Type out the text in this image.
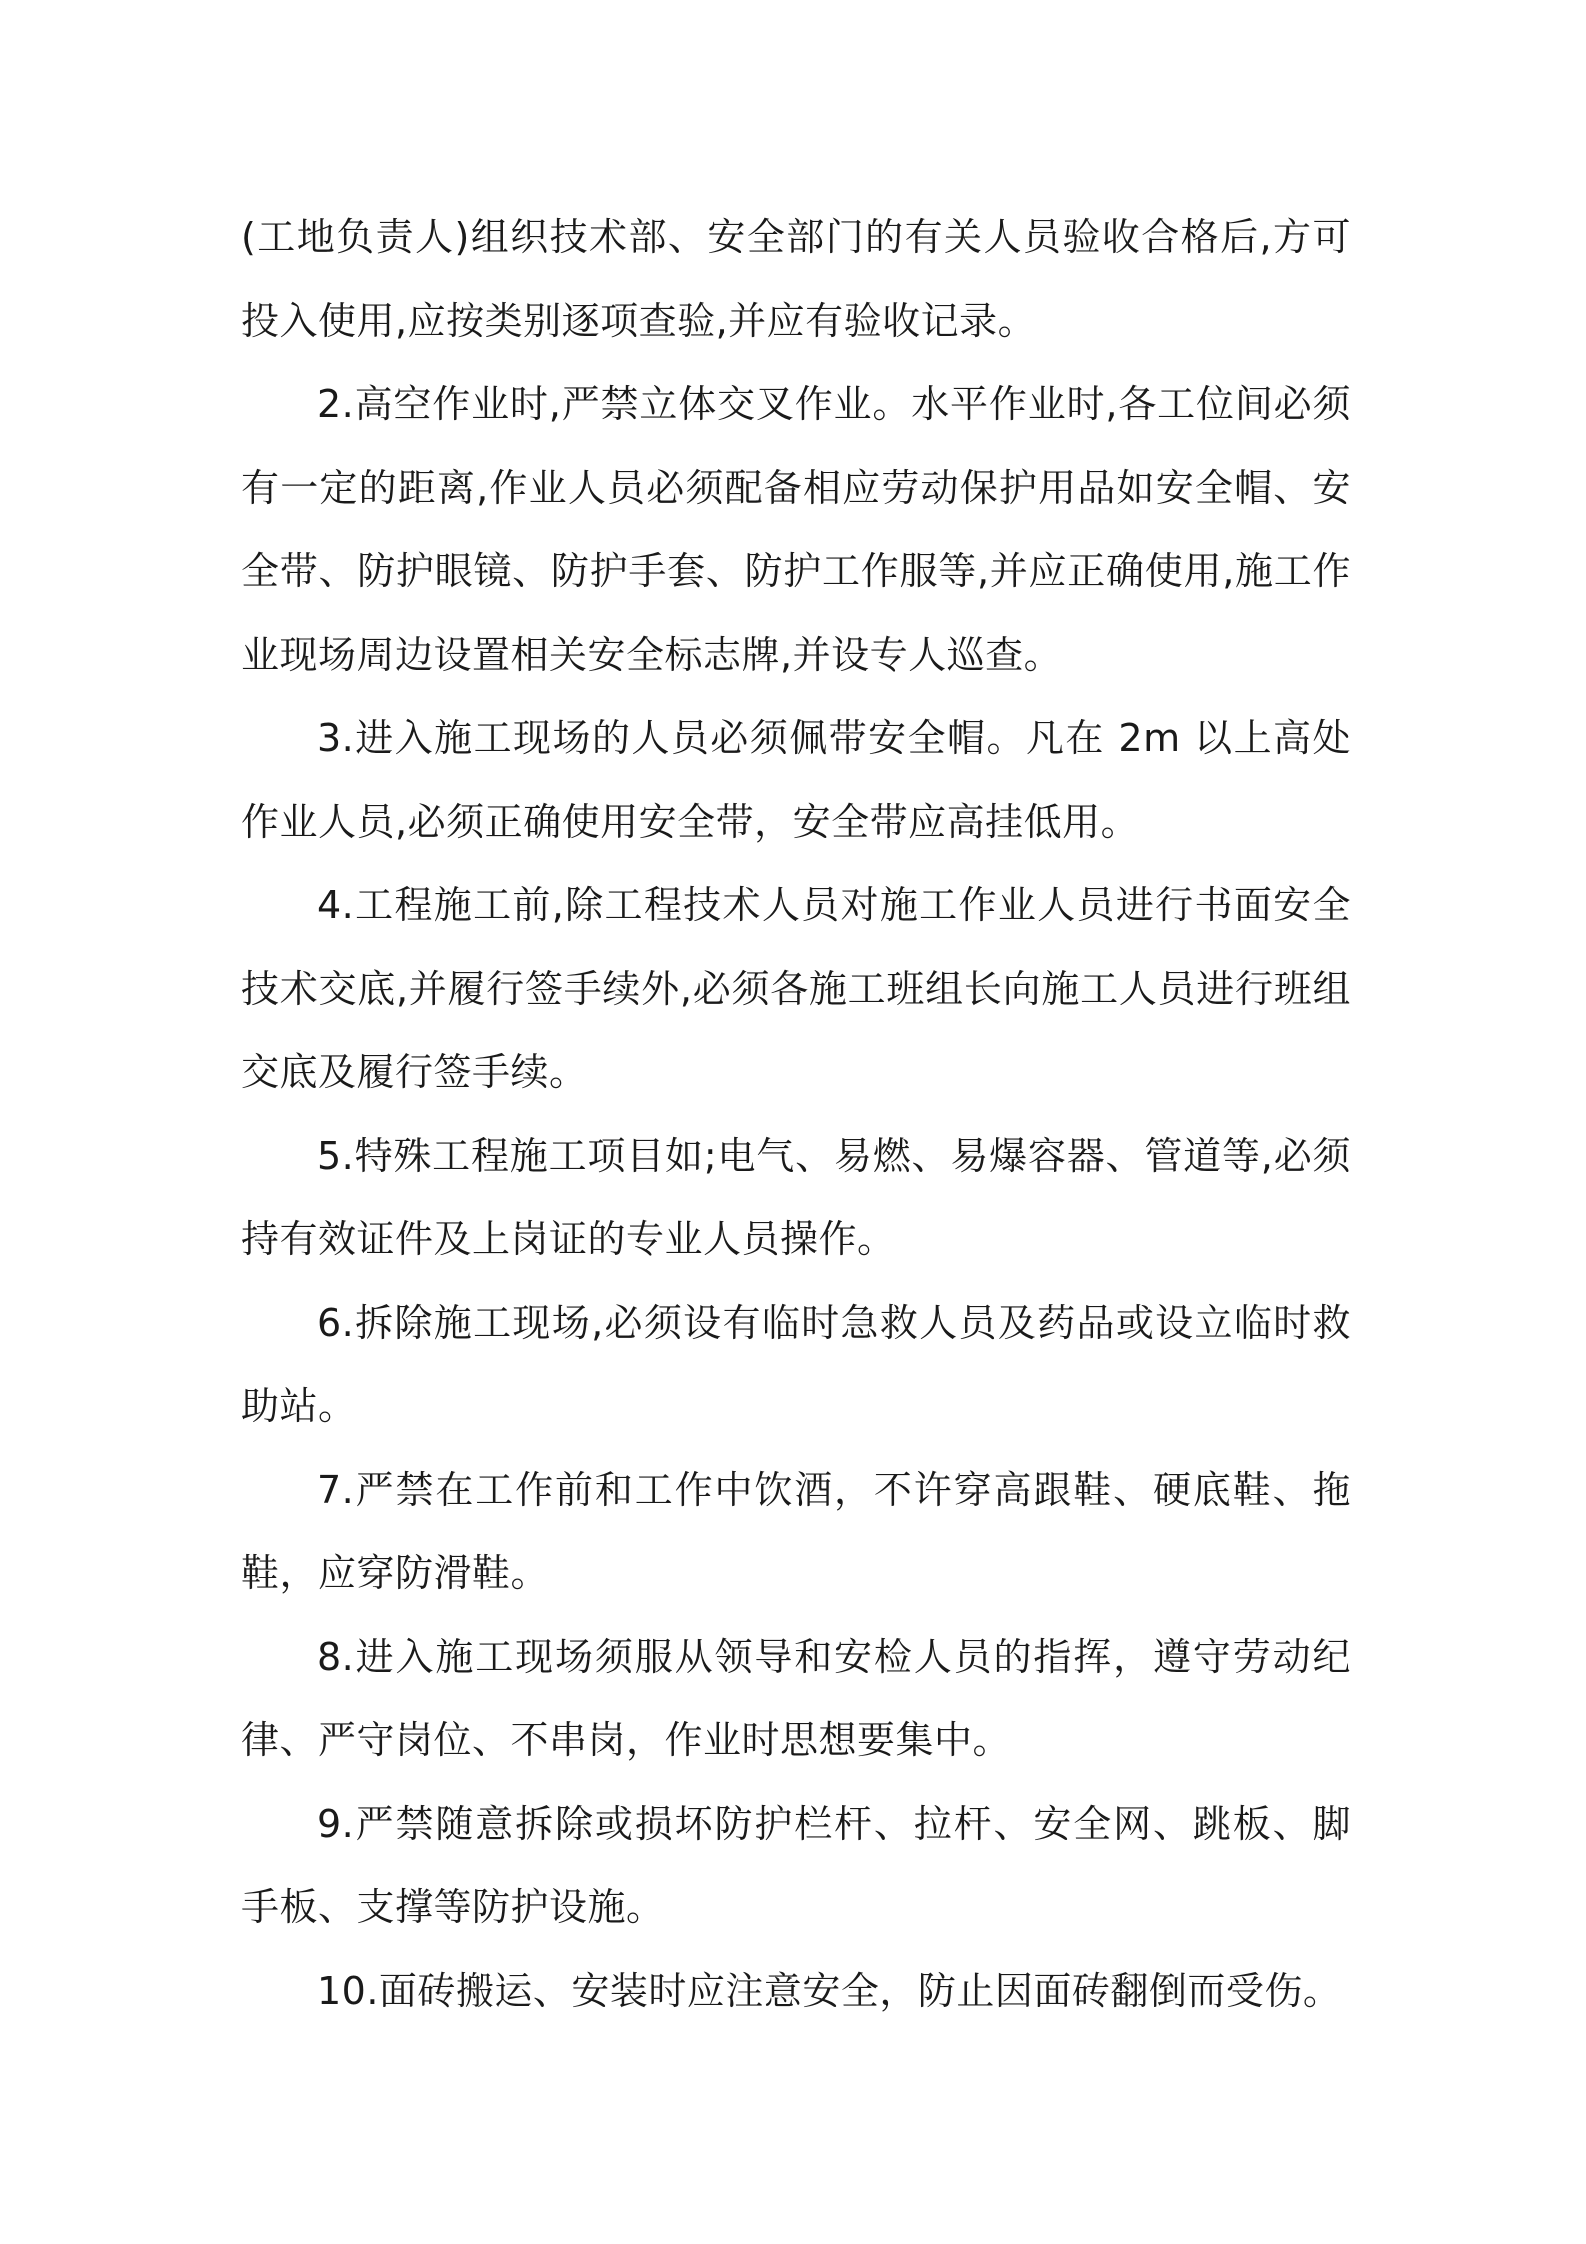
(工地负责人)组织技术部、安全部门的有关人员验收合格后,方可投入使用,应按类别逐项查验,并应有验收记录。

2.高空作业时,严禁立体交叉作业。水平作业时,各工位间必须有一定的距离,作业人员必须配备相应劳动保护用品如安全帽、安全带、防护眼镜、防护手套、防护工作服等,并应正确使用,施工作业现场周边设置相关安全标志牌,并设专人巡查。

3.进入施工现场的人员必须佩带安全帽。凡在 2m 以上高处作业人员,必须正确使用安全带，安全带应高挂低用。

4.工程施工前,除工程技术人员对施工作业人员进行书面安全技术交底,并履行签手续外,必须各施工班组长向施工人员进行班组交底及履行签手续。

5.特殊工程施工项目如;电气、易燃、易爆容器、管道等,必须持有效证件及上岗证的专业人员操作。

6.拆除施工现场,必须设有临时急救人员及药品或设立临时救助站。

7.严禁在工作前和工作中饮酒，不许穿高跟鞋、硬底鞋、拖鞋，应穿防滑鞋。

8.进入施工现场须服从领导和安检人员的指挥，遵守劳动纪律、严守岗位、不串岗，作业时思想要集中。

9.严禁随意拆除或损坏防护栏杆、拉杆、安全网、跳板、脚手板、支撑等防护设施。

10.面砖搬运、安装时应注意安全，防止因面砖翻倒而受伤。
